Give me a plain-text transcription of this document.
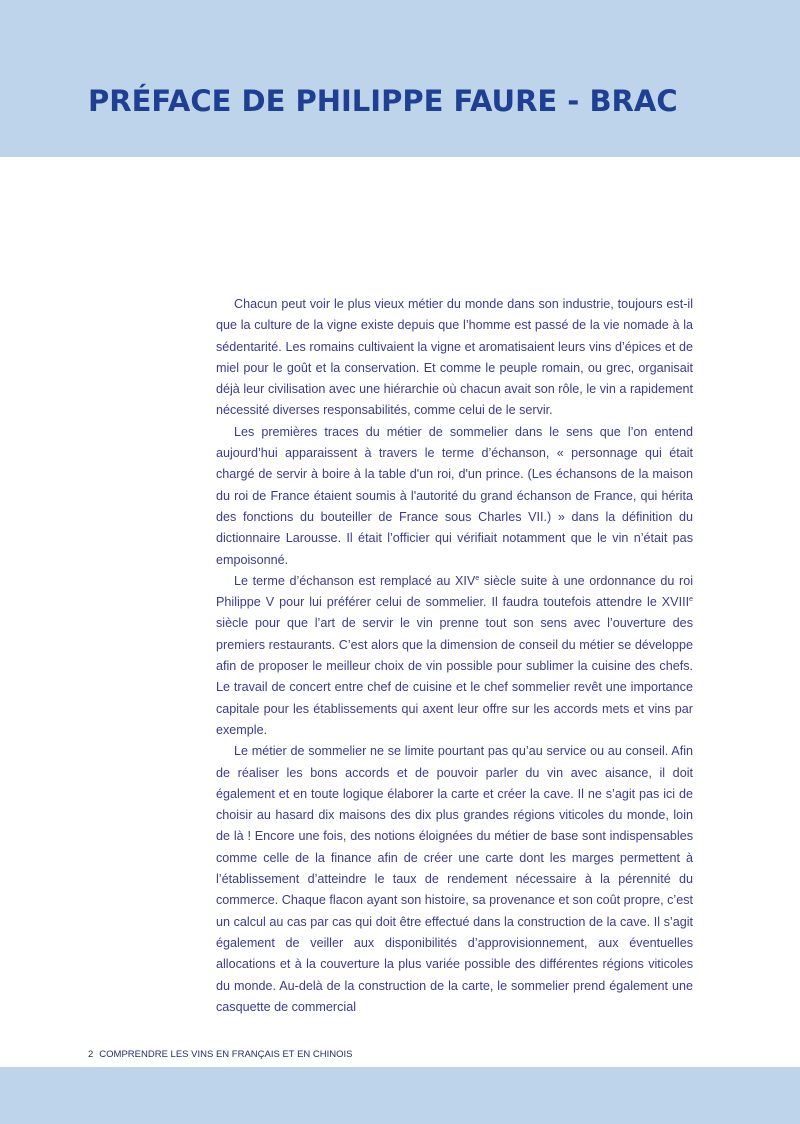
PRÉFACE DE PHILIPPE FAURE - BRAC

Chacun peut voir le plus vieux métier du monde dans son industrie, toujours est-il que la culture de la vigne existe depuis que l’homme est passé de la vie nomade à la sédentarité. Les romains cultivaient la vigne et aromatisaient leurs vins d’épices et de miel pour le goût et la conservation. Et comme le peuple romain, ou grec, organisait déjà leur civilisation avec une hiérarchie où chacun avait son rôle, le vin a rapidement nécessité diverses responsabilités, comme celui de le servir.

Les premières traces du métier de sommelier dans le sens que l’on entend aujourd’hui apparaissent à travers le terme d’échanson, « personnage qui était chargé de servir à boire à la table d'un roi, d'un prince. (Les échansons de la maison du roi de France étaient soumis à l'autorité du grand échanson de France, qui hérita des fonctions du bouteiller de France sous Charles VII.) » dans la définition du dictionnaire Larousse. Il était l’officier qui vérifiait notamment que le vin n’était pas empoisonné.

Le terme d’échanson est remplacé au XIVe siècle suite à une ordonnance du roi Philippe V pour lui préférer celui de sommelier. Il faudra toutefois attendre le XVIIIe siècle pour que l’art de servir le vin prenne tout son sens avec l’ouverture des premiers restaurants. C’est alors que la dimension de conseil du métier se développe afin de proposer le meilleur choix de vin possible pour sublimer la cuisine des chefs. Le travail de concert entre chef de cuisine et le chef sommelier revêt une importance capitale pour les établissements qui axent leur offre sur les accords mets et vins par exemple.

Le métier de sommelier ne se limite pourtant pas qu’au service ou au conseil. Afin de réaliser les bons accords et de pouvoir parler du vin avec aisance, il doit également et en toute logique élaborer la carte et créer la cave. Il ne s’agit pas ici de choisir au hasard dix maisons des dix plus grandes régions viticoles du monde, loin de là ! Encore une fois, des notions éloignées du métier de base sont indispensables comme celle de la finance afin de créer une carte dont les marges permettent à l’établissement d’atteindre le taux de rendement nécessaire à la pérennité du commerce. Chaque flacon ayant son histoire, sa provenance et son coût propre, c’est un calcul au cas par cas qui doit être effectué dans la construction de la cave. Il s’agit également de veiller aux disponibilités d’approvisionnement, aux éventuelles allocations et à la couverture la plus variée possible des différentes régions viticoles du monde. Au-delà de la construction de la carte, le sommelier prend également une casquette de commercial

2 COMPRENDRE LES VINS EN FRANÇAIS ET EN CHINOIS
